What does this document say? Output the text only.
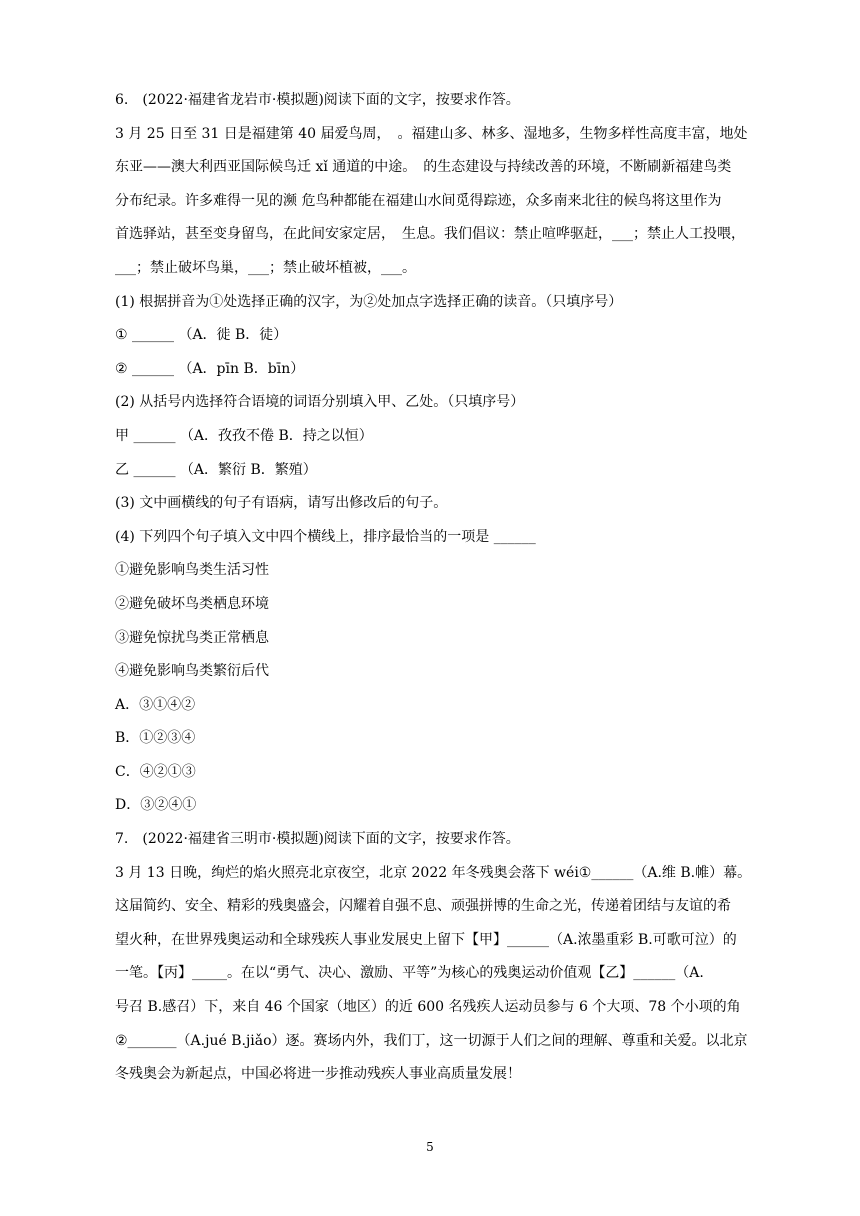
6.　(2022·福建省龙岩市·模拟题)阅读下面的文字，按要求作答。
3 月 25 日至 31 日是福建第 40 届爱鸟周，　。福建山多、林多、湿地多，生物多样性高度丰富，地处
东亚——澳大利西亚国际候鸟迁 xǐ 通道的中途。　的生态建设与持续改善的环境，不断刷新福建鸟类
分布纪录。许多难得一见的濒 危鸟种都能在福建山水间觅得踪迹，众多南来北往的候鸟将这里作为
首选驿站，甚至变身留鸟，在此间安家定居，　生息。我们倡议：禁止喧哗驱赶，___；禁止人工投喂，
___；禁止破坏鸟巢，___；禁止破坏植被，___。
(1) 根据拼音为①处选择正确的汉字，为②处加点字选择正确的读音。（只填序号）
① ______ （A．徙 B．徒）
② ______ （A．pīn B．bīn）
(2) 从括号内选择符合语境的词语分别填入甲、乙处。（只填序号）
甲 ______ （A．孜孜不倦 B．持之以恒）
乙 ______ （A．繁衍 B．繁殖）
(3) 文中画横线的句子有语病，请写出修改后的句子。
(4) 下列四个句子填入文中四个横线上，排序最恰当的一项是 ______
①避免影响鸟类生活习性
②避免破坏鸟类栖息环境
③避免惊扰鸟类正常栖息
④避免影响鸟类繁衍后代
A．③①④②
B．①②③④
C．④②①③
D．③②④①
7.　(2022·福建省三明市·模拟题)阅读下面的文字，按要求作答。
3 月 13 日晚，绚烂的焰火照亮北京夜空，北京 2022 年冬残奥会落下 wéi①______（A.维 B.帷）幕。
这届简约、安全、精彩的残奥盛会，闪耀着自强不息、顽强拼博的生命之光，传递着团结与友谊的希
望火种，在世界残奥运动和全球残疾人事业发展史上留下【甲】______（A.浓墨重彩 B.可歌可泣）的
一笔。【丙】_____。在以“勇气、决心、激励、平等”为核心的残奥运动价值观【乙】______（A.
号召 B.感召）下，来自 46 个国家（地区）的近 600 名残疾人运动员参与 6 个大项、78 个小项的角
②_______（A.jué B.jiǎo）逐。赛场内外，我们丁，这一切源于人们之间的理解、尊重和关爱。以北京
冬残奥会为新起点，中国必将进一步推动残疾人事业高质量发展！
5
